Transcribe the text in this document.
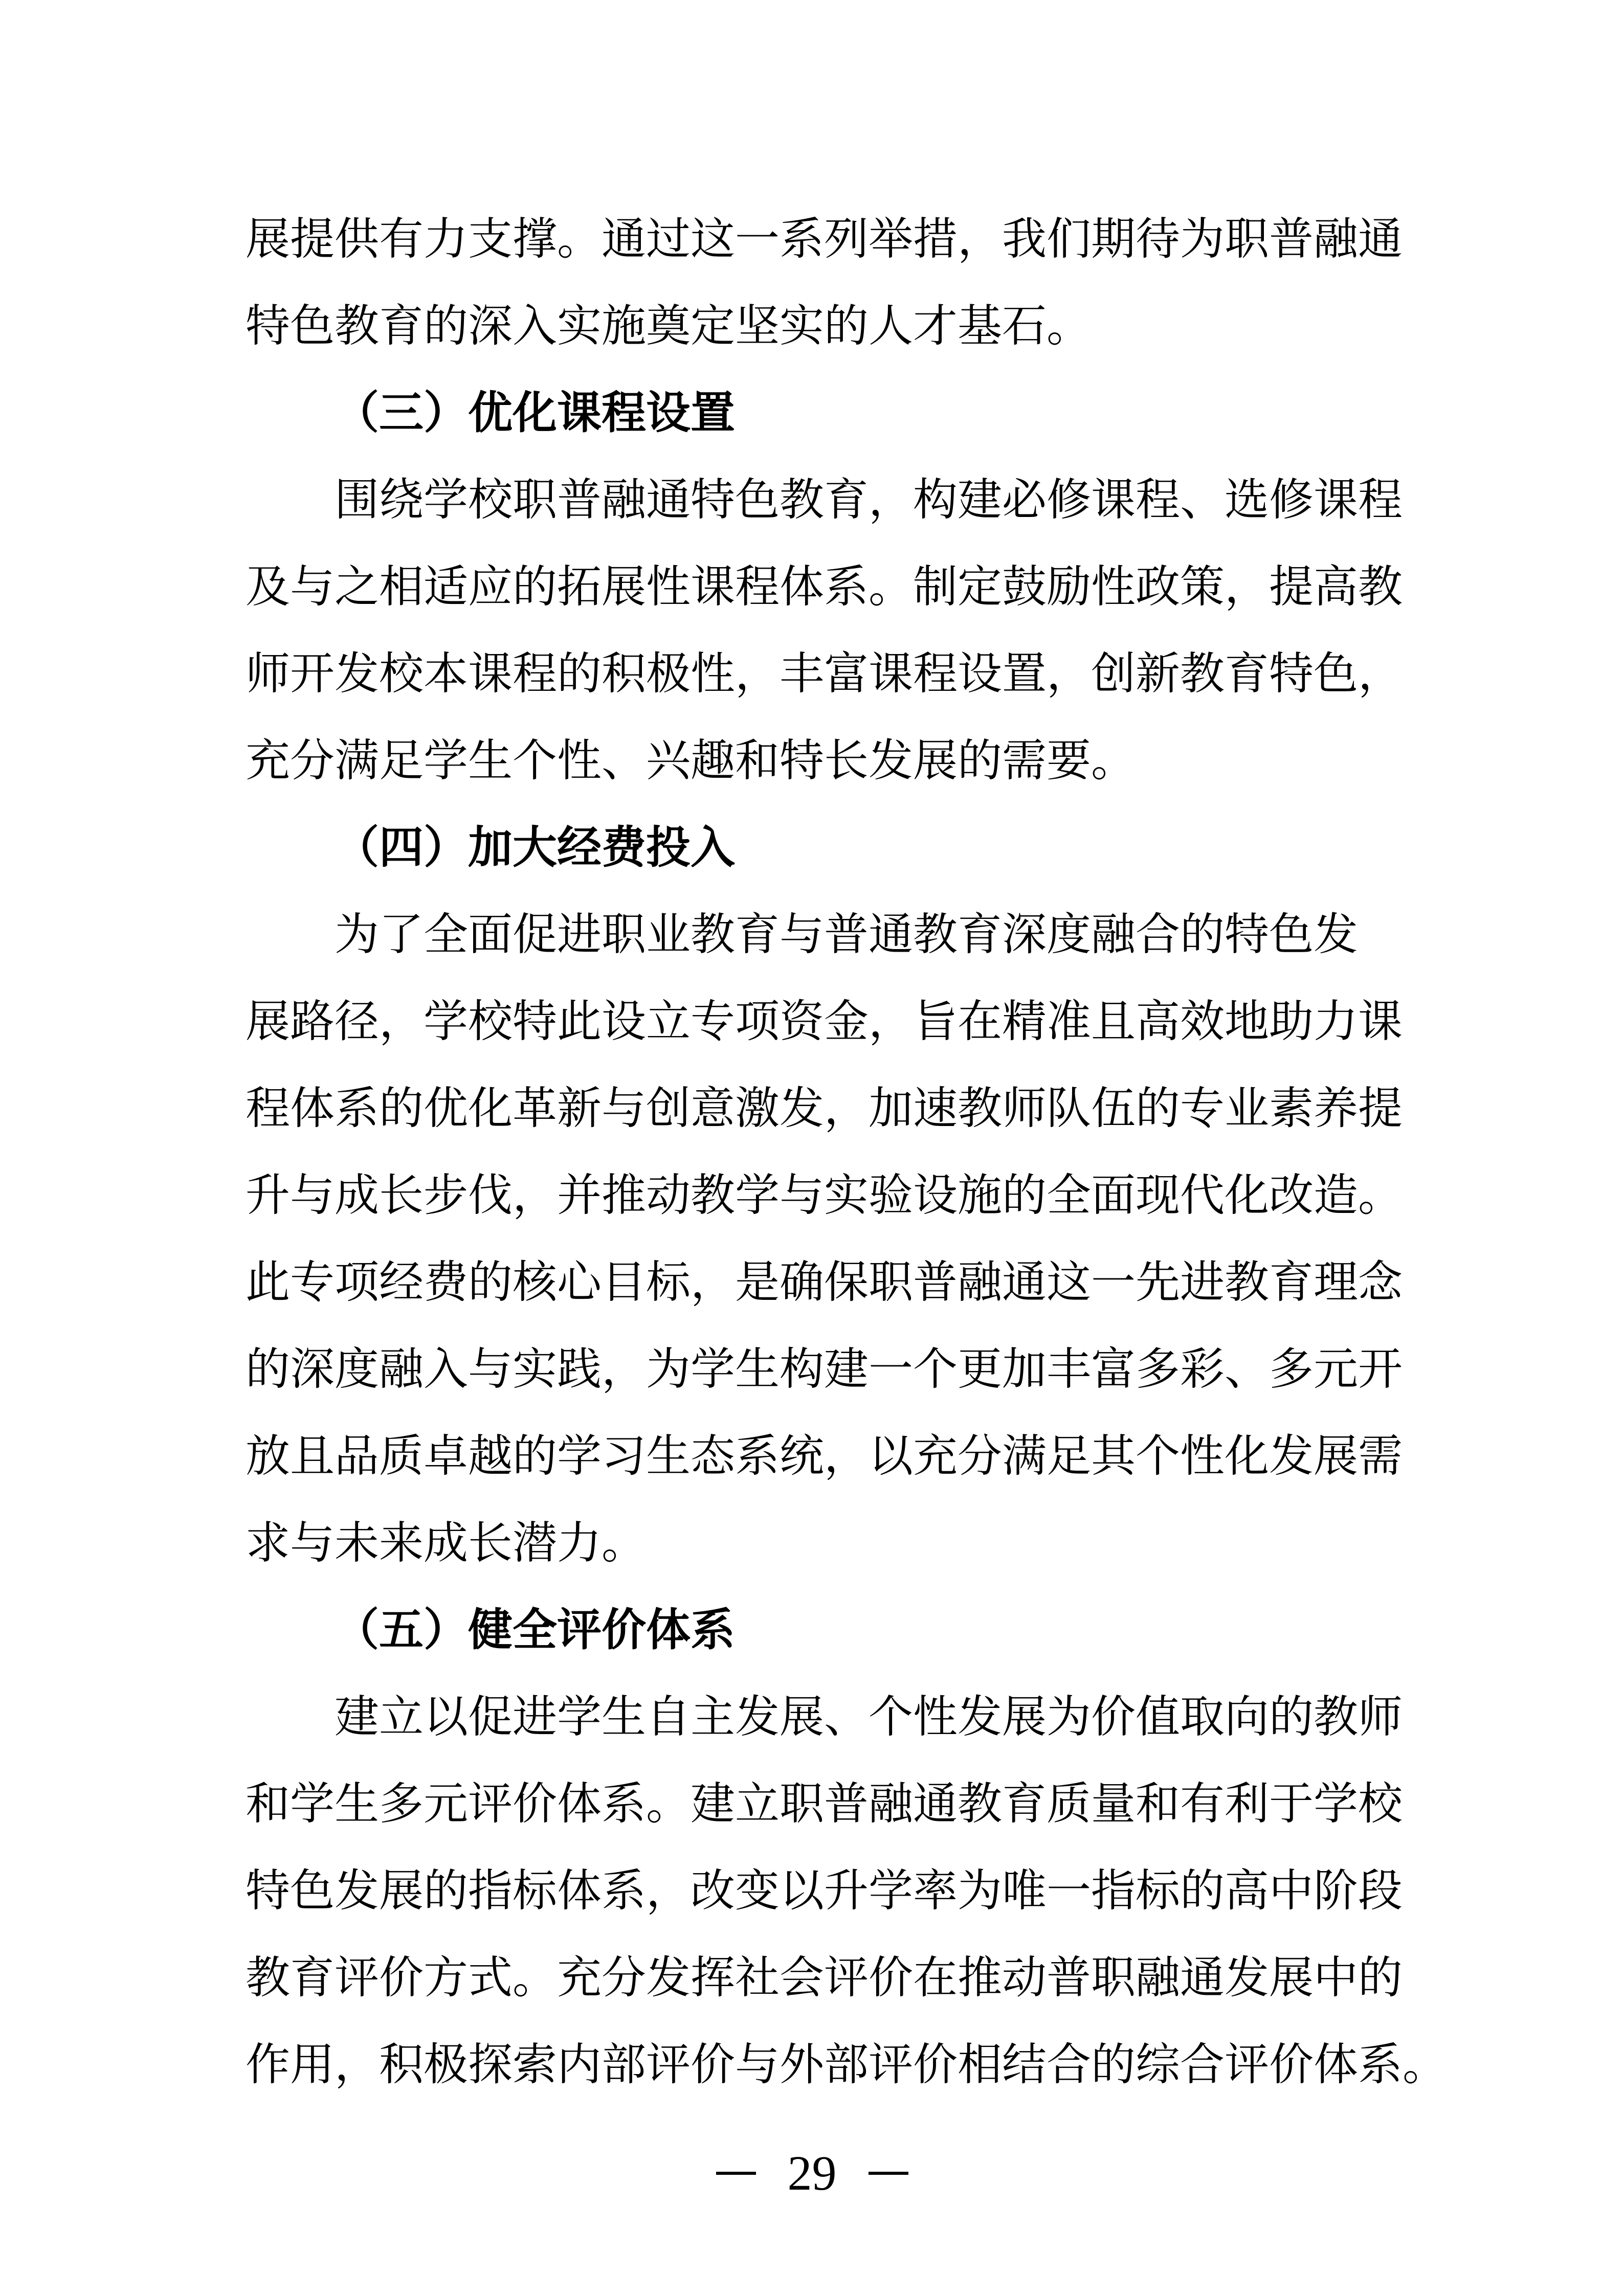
展提供有力支撑。通过这一系列举措，我们期待为职普融通
特色教育的深入实施奠定坚实的人才基石。
（三）优化课程设置
围绕学校职普融通特色教育，构建必修课程、选修课程
及与之相适应的拓展性课程体系。制定鼓励性政策，提高教
师开发校本课程的积极性，丰富课程设置，创新教育特色，
充分满足学生个性、兴趣和特长发展的需要。
（四）加大经费投入
为了全面促进职业教育与普通教育深度融合的特色发
展路径，学校特此设立专项资金，旨在精准且高效地助力课
程体系的优化革新与创意激发，加速教师队伍的专业素养提
升与成长步伐，并推动教学与实验设施的全面现代化改造。
此专项经费的核心目标，是确保职普融通这一先进教育理念
的深度融入与实践，为学生构建一个更加丰富多彩、多元开
放且品质卓越的学习生态系统，以充分满足其个性化发展需
求与未来成长潜力。
（五）健全评价体系
建立以促进学生自主发展、个性发展为价值取向的教师
和学生多元评价体系。建立职普融通教育质量和有利于学校
特色发展的指标体系，改变以升学率为唯一指标的高中阶段
教育评价方式。充分发挥社会评价在推动普职融通发展中的
作用，积极探索内部评价与外部评价相结合的综合评价体系。
29
